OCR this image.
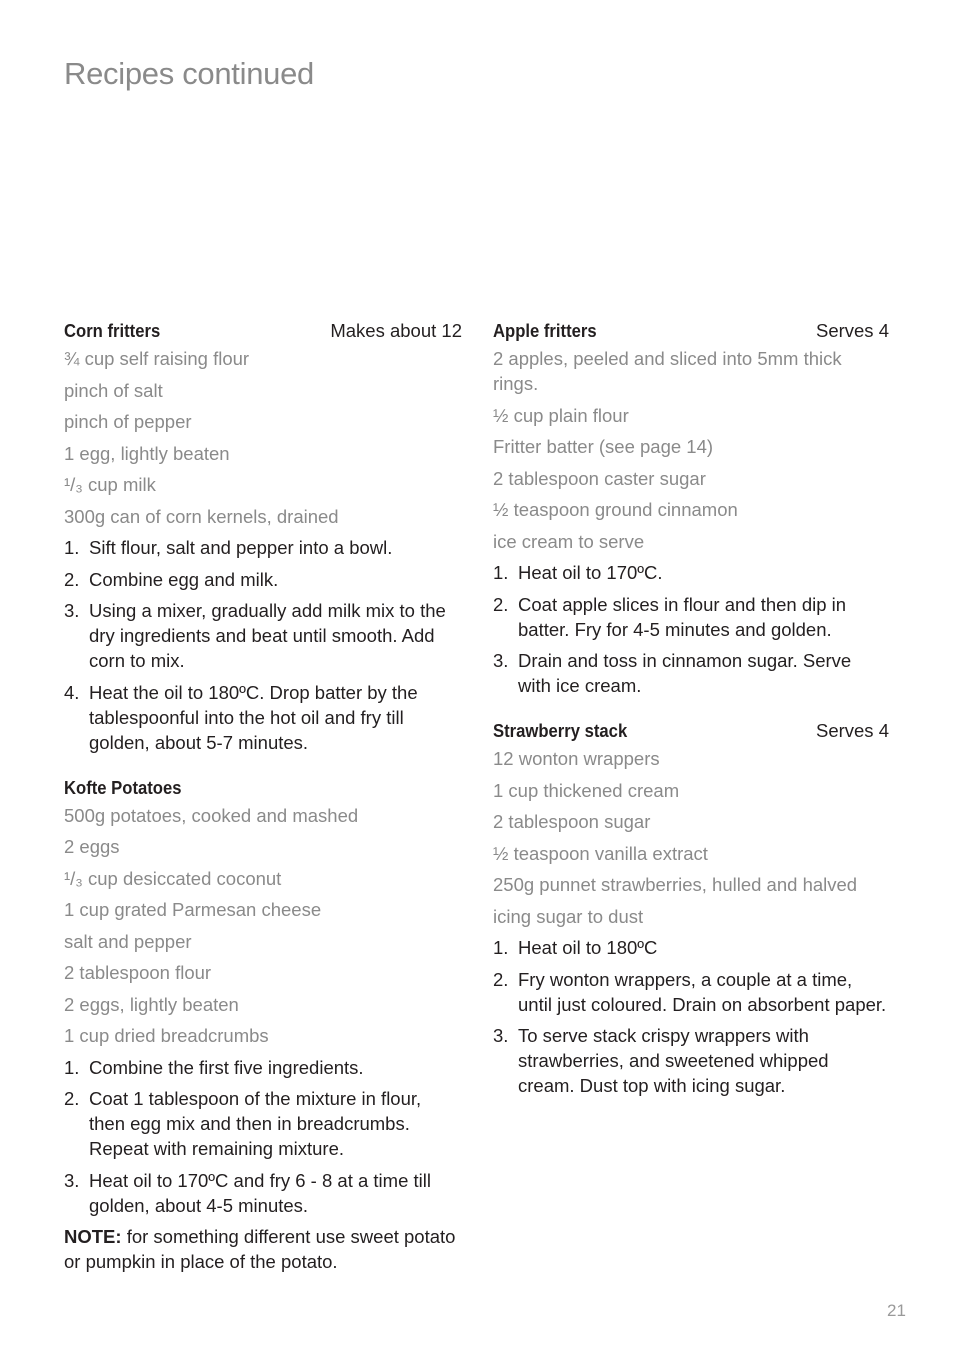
Recipes continued
Corn fritters	Makes about 12
¾ cup self raising flour
pinch of salt
pinch of pepper
1 egg, lightly beaten
¹/₃ cup milk
300g can of corn kernels, drained
1. Sift flour, salt and pepper into a bowl.
2. Combine egg and milk.
3. Using a mixer, gradually add milk mix to the dry ingredients and beat until smooth. Add corn to mix.
4. Heat the oil to 180ºC. Drop batter by the tablespoonful into the hot oil and fry till golden, about 5-7 minutes.
Kofte Potatoes
500g potatoes, cooked and mashed
2 eggs
¹/₃ cup desiccated coconut
1 cup grated Parmesan cheese
salt and pepper
2 tablespoon flour
2 eggs, lightly beaten
1 cup dried breadcrumbs
1. Combine the first five ingredients.
2. Coat 1 tablespoon of the mixture in flour, then egg mix and then in breadcrumbs. Repeat with remaining mixture.
3. Heat oil to 170ºC and fry 6 - 8 at a time till golden, about 4-5 minutes.

NOTE: for something different use sweet potato or pumpkin in place of the potato.

Apple fritters	Serves 4
2 apples, peeled and sliced into 5mm thick rings.
½ cup plain flour
Fritter batter (see page 14)
2 tablespoon caster sugar
½ teaspoon ground cinnamon
ice cream to serve
1. Heat oil to 170ºC.
2. Coat apple slices in flour and then dip in batter. Fry for 4-5 minutes and golden.
3. Drain and toss in cinnamon sugar. Serve with ice cream.
Strawberry stack	Serves 4
12 wonton wrappers
1 cup thickened cream
2 tablespoon sugar
½ teaspoon vanilla extract
250g punnet strawberries, hulled and halved
icing sugar to dust
1. Heat oil to 180ºC
2. Fry wonton wrappers, a couple at a time, until just coloured. Drain on absorbent paper.
3. To serve stack crispy wrappers with strawberries, and sweetened whipped cream. Dust top with icing sugar.
21
